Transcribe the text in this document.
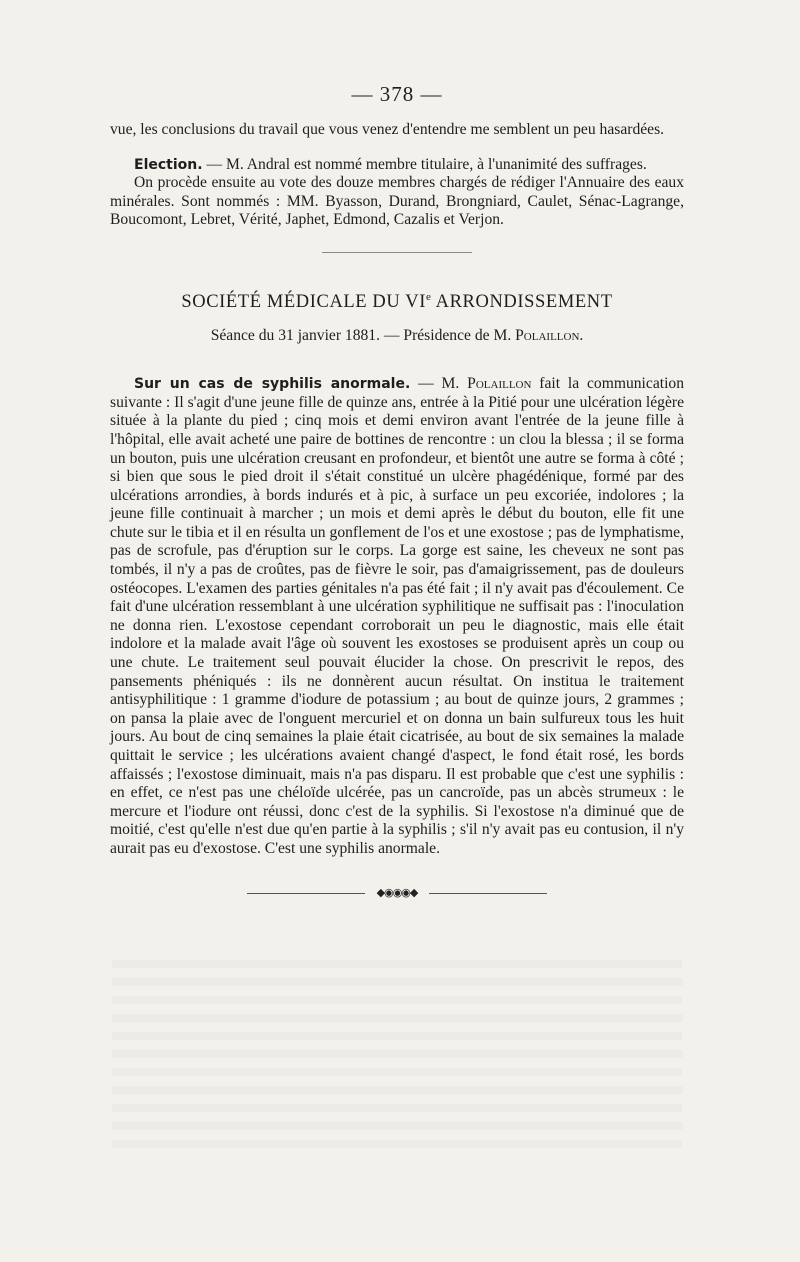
— 378 —

vue, les conclusions du travail que vous venez d'entendre me semblent un peu hasardées.

Election. — M. Andral est nommé membre titulaire, à l'unanimité des suffrages.

On procède ensuite au vote des douze membres chargés de rédiger l'Annuaire des eaux minérales. Sont nommés : MM. Byasson, Durand, Brongniard, Caulet, Sénac-Lagrange, Boucomont, Lebret, Vérité, Japhet, Edmond, Cazalis et Verjon.

SOCIÉTÉ MÉDICALE DU VIe ARRONDISSEMENT
Séance du 31 janvier 1881. — Présidence de M. Polaillon.

Sur un cas de syphilis anormale. — M. Polaillon fait la communication suivante : Il s'agit d'une jeune fille de quinze ans, entrée à la Pitié pour une ulcération légère située à la plante du pied ; cinq mois et demi environ avant l'entrée de la jeune fille à l'hôpital, elle avait acheté une paire de bottines de rencontre : un clou la blessa ; il se forma un bouton, puis une ulcération creusant en profondeur, et bientôt une autre se forma à côté ; si bien que sous le pied droit il s'était constitué un ulcère phagédénique, formé par des ulcérations arrondies, à bords indurés et à pic, à surface un peu excoriée, indolores ; la jeune fille continuait à marcher ; un mois et demi après le début du bouton, elle fit une chute sur le tibia et il en résulta un gonflement de l'os et une exostose ; pas de lymphatisme, pas de scrofule, pas d'éruption sur le corps. La gorge est saine, les cheveux ne sont pas tombés, il n'y a pas de croûtes, pas de fièvre le soir, pas d'amaigrissement, pas de douleurs ostéocopes. L'examen des parties génitales n'a pas été fait ; il n'y avait pas d'écoulement. Ce fait d'une ulcération ressemblant à une ulcération syphilitique ne suffisait pas : l'inoculation ne donna rien. L'exostose cependant corroborait un peu le diagnostic, mais elle était indolore et la malade avait l'âge où souvent les exostoses se produisent après un coup ou une chute. Le traitement seul pouvait élucider la chose. On prescrivit le repos, des pansements phéniqués : ils ne donnèrent aucun résultat. On institua le traitement antisyphilitique : 1 gramme d'iodure de potassium ; au bout de quinze jours, 2 grammes ; on pansa la plaie avec de l'onguent mercuriel et on donna un bain sulfureux tous les huit jours. Au bout de cinq semaines la plaie était cicatrisée, au bout de six semaines la malade quittait le service ; les ulcérations avaient changé d'aspect, le fond était rosé, les bords affaissés ; l'exostose diminuait, mais n'a pas disparu. Il est probable que c'est une syphilis : en effet, ce n'est pas une chéloïde ulcérée, pas un cancroïde, pas un abcès strumeux : le mercure et l'iodure ont réussi, donc c'est de la syphilis. Si l'exostose n'a diminué que de moitié, c'est qu'elle n'est due qu'en partie à la syphilis ; s'il n'y avait pas eu contusion, il n'y aurait pas eu d'exostose. C'est une syphilis anormale.

◆◉◉◉◆
